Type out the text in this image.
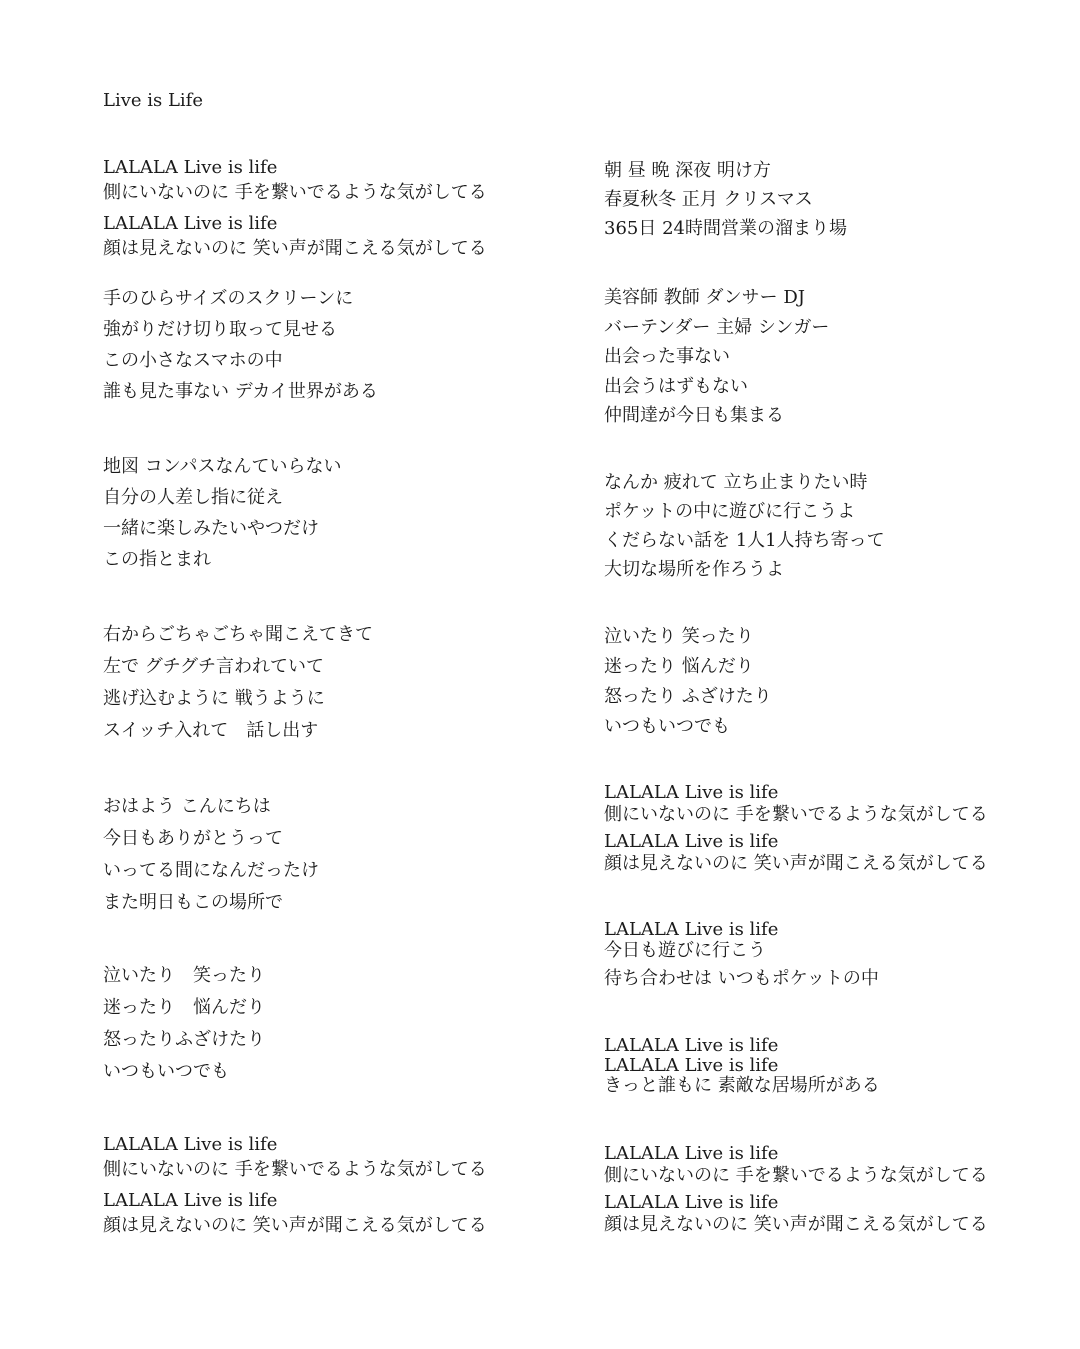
Live is Life
LALALA Live is life
側にいないのに 手を繋いでるような気がしてる
LALALA Live is life
顔は見えないのに 笑い声が聞こえる気がしてる
手のひらサイズのスクリーンに
強がりだけ切り取って見せる
この小さなスマホの中
誰も見た事ない デカイ世界がある
地図 コンパスなんていらない
自分の人差し指に従え
一緒に楽しみたいやつだけ
この指とまれ
右からごちゃごちゃ聞こえてきて
左で グチグチ言われていて
逃げ込むように 戦うように
スイッチ入れて　話し出す
おはよう こんにちは
今日もありがとうって
いってる間になんだったけ
また明日もこの場所で
泣いたり　笑ったり
迷ったり　悩んだり
怒ったりふざけたり
いつもいつでも
LALALA Live is life
側にいないのに 手を繋いでるような気がしてる
LALALA Live is life
顔は見えないのに 笑い声が聞こえる気がしてる
朝 昼 晩 深夜 明け方
春夏秋冬 正月 クリスマス
365日 24時間営業の溜まり場
美容師 教師 ダンサー DJ
バーテンダー 主婦 シンガー
出会った事ない
出会うはずもない
仲間達が今日も集まる
なんか 疲れて 立ち止まりたい時
ポケットの中に遊びに行こうよ
くだらない話を 1人1人持ち寄って
大切な場所を作ろうよ
泣いたり 笑ったり
迷ったり 悩んだり
怒ったり ふざけたり
いつもいつでも
LALALA Live is life
側にいないのに 手を繋いでるような気がしてる
LALALA Live is life
顔は見えないのに 笑い声が聞こえる気がしてる
LALALA Live is life
今日も遊びに行こう
待ち合わせは いつもポケットの中
LALALA Live is life
LALALA Live is life
きっと誰もに 素敵な居場所がある
LALALA Live is life
側にいないのに 手を繋いでるような気がしてる
LALALA Live is life
顔は見えないのに 笑い声が聞こえる気がしてる
